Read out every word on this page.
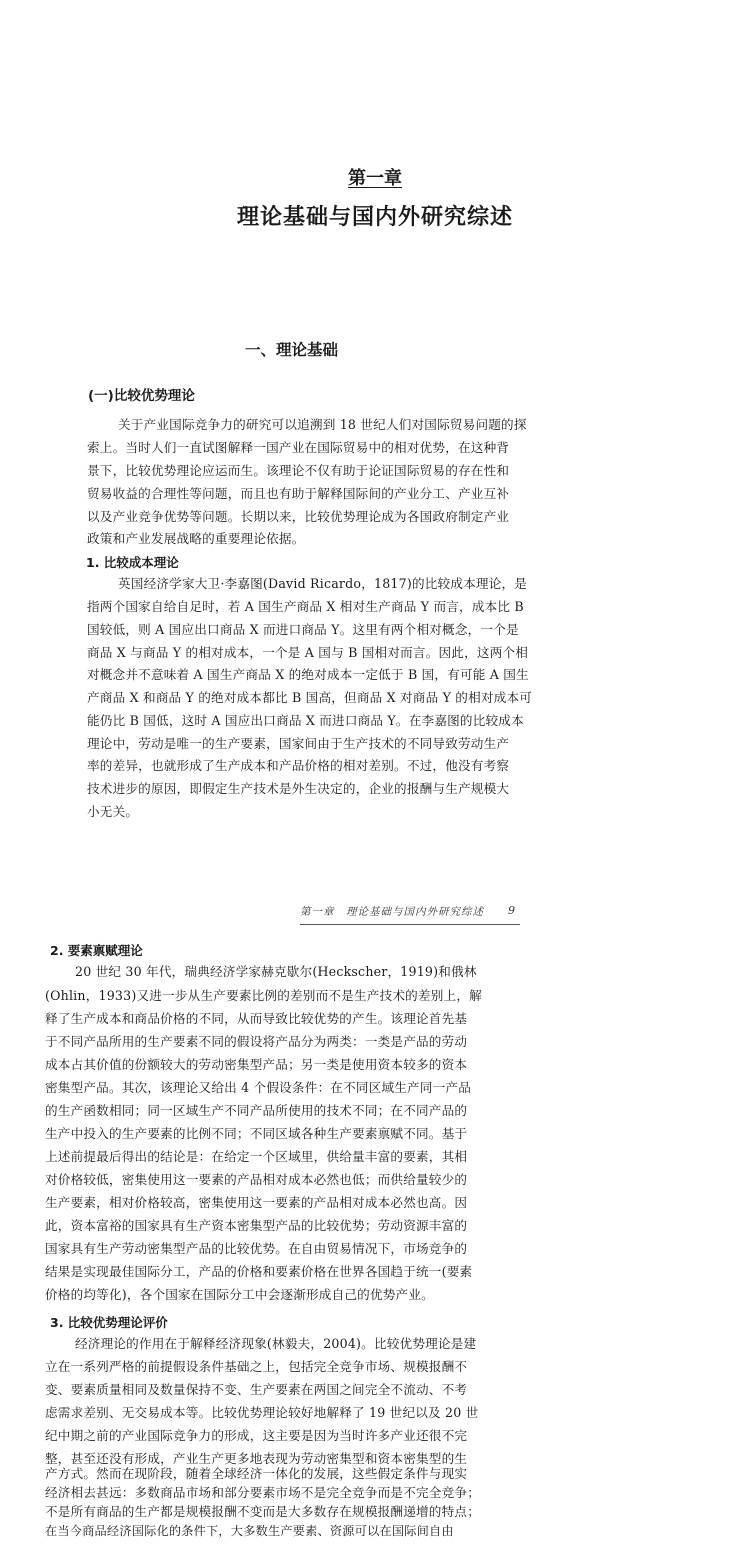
第一章
理论基础与国内外研究综述
一、理论基础
(一)比较优势理论
关于产业国际竞争力的研究可以追溯到 18 世纪人们对国际贸易问题的探
索上。当时人们一直试图解释一国产业在国际贸易中的相对优势，在这种背
景下，比较优势理论应运而生。该理论不仅有助于论证国际贸易的存在性和
贸易收益的合理性等问题，而且也有助于解释国际间的产业分工、产业互补
以及产业竞争优势等问题。长期以来，比较优势理论成为各国政府制定产业
政策和产业发展战略的重要理论依据。
1. 比较成本理论
英国经济学家大卫·李嘉图(David Ricardo，1817)的比较成本理论，是
指两个国家自给自足时，若 A 国生产商品 X 相对生产商品 Y 而言，成本比 B
国较低，则 A 国应出口商品 X 而进口商品 Y。这里有两个相对概念，一个是
商品 X 与商品 Y 的相对成本，一个是 A 国与 B 国相对而言。因此，这两个相
对概念并不意味着 A 国生产商品 X 的绝对成本一定低于 B 国，有可能 A 国生
产商品 X 和商品 Y 的绝对成本都比 B 国高，但商品 X 对商品 Y 的相对成本可
能仍比 B 国低，这时 A 国应出口商品 X 而进口商品 Y。在李嘉图的比较成本
理论中，劳动是唯一的生产要素，国家间由于生产技术的不同导致劳动生产
率的差异，也就形成了生产成本和产品价格的相对差别。不过，他没有考察
技术进步的原因，即假定生产技术是外生决定的，企业的报酬与生产规模大
小无关。
第一章　理论基础与国内外研究综述 9
2. 要素禀赋理论
20 世纪 30 年代，瑞典经济学家赫克歇尔(Heckscher，1919)和俄林
(Ohlin，1933)又进一步从生产要素比例的差别而不是生产技术的差别上，解
释了生产成本和商品价格的不同，从而导致比较优势的产生。该理论首先基
于不同产品所用的生产要素不同的假设将产品分为两类：一类是产品的劳动
成本占其价值的份额较大的劳动密集型产品；另一类是使用资本较多的资本
密集型产品。其次，该理论又给出 4 个假设条件：在不同区域生产同一产品
的生产函数相同；同一区域生产不同产品所使用的技术不同；在不同产品的
生产中投入的生产要素的比例不同；不同区域各种生产要素禀赋不同。基于
上述前提最后得出的结论是：在给定一个区域里，供给量丰富的要素，其相
对价格较低，密集使用这一要素的产品相对成本必然也低；而供给量较少的
生产要素，相对价格较高，密集使用这一要素的产品相对成本必然也高。因
此，资本富裕的国家具有生产资本密集型产品的比较优势；劳动资源丰富的
国家具有生产劳动密集型产品的比较优势。在自由贸易情况下，市场竞争的
结果是实现最佳国际分工，产品的价格和要素价格在世界各国趋于统一(要素
价格的均等化)，各个国家在国际分工中会逐渐形成自己的优势产业。
3. 比较优势理论评价
经济理论的作用在于解释经济现象(林毅夫，2004)。比较优势理论是建
立在一系列严格的前提假设条件基础之上，包括完全竞争市场、规模报酬不
变、要素质量相同及数量保持不变、生产要素在两国之间完全不流动、不考
虑需求差别、无交易成本等。比较优势理论较好地解释了 19 世纪以及 20 世
纪中期之前的产业国际竞争力的形成，这主要是因为当时许多产业还很不完
整，甚至还没有形成，产业生产更多地表现为劳动密集型和资本密集型的生
产方式。然而在现阶段，随着全球经济一体化的发展，这些假定条件与现实
经济相去甚远：多数商品市场和部分要素市场不是完全竞争而是不完全竞争；
不是所有商品的生产都是规模报酬不变而是大多数存在规模报酬递增的特点；
在当今商品经济国际化的条件下，大多数生产要素、资源可以在国际间自由
